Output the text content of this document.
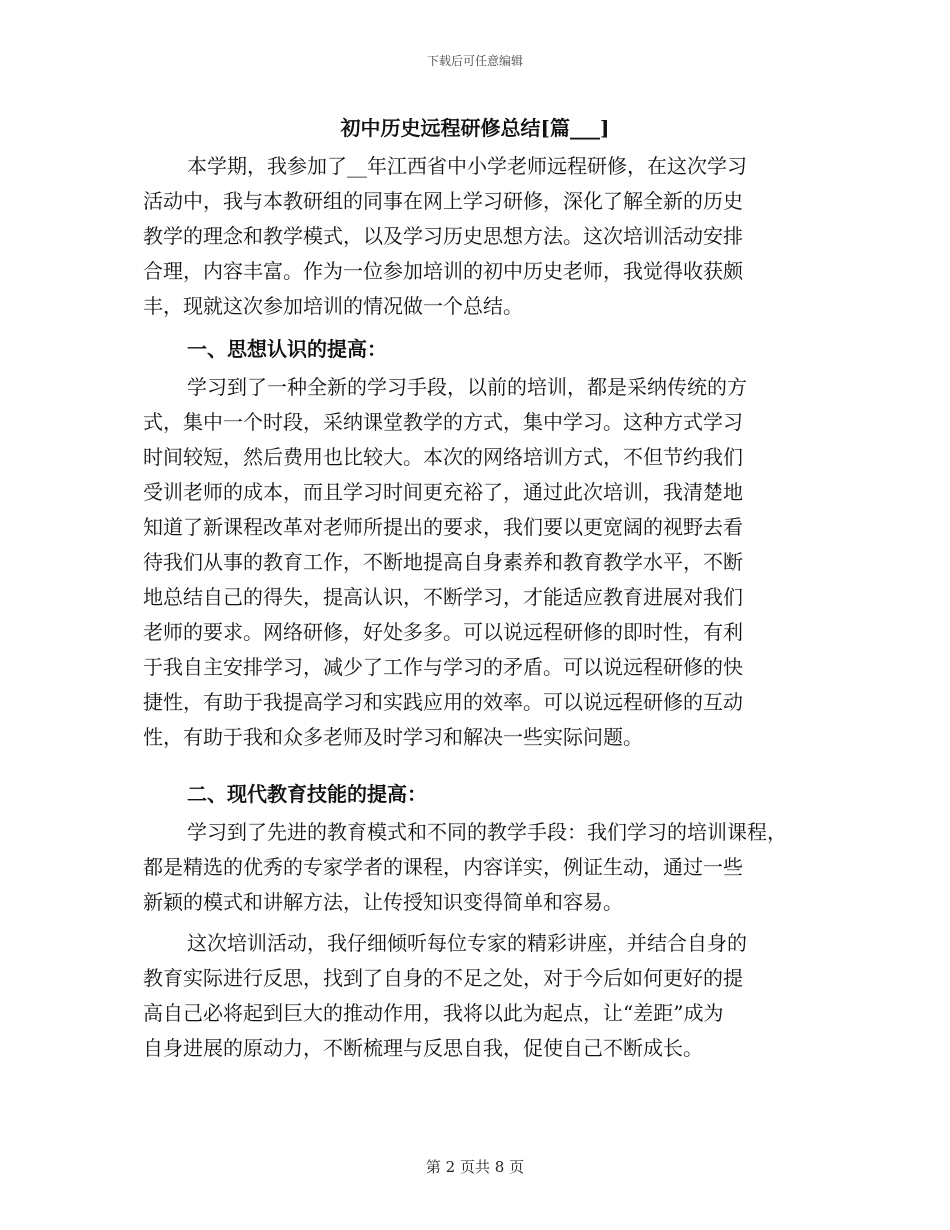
下载后可任意编辑
初中历史远程研修总结[篇___]
本学期，我参加了__年江西省中小学老师远程研修，在这次学习
活动中，我与本教研组的同事在网上学习研修，深化了解全新的历史
教学的理念和教学模式，以及学习历史思想方法。这次培训活动安排
合理，内容丰富。作为一位参加培训的初中历史老师，我觉得收获颇
丰，现就这次参加培训的情况做一个总结。
一、思想认识的提高：
学习到了一种全新的学习手段，以前的培训，都是采纳传统的方
式，集中一个时段，采纳课堂教学的方式，集中学习。这种方式学习
时间较短，然后费用也比较大。本次的网络培训方式，不但节约我们
受训老师的成本，而且学习时间更充裕了，通过此次培训，我清楚地
知道了新课程改革对老师所提出的要求，我们要以更宽阔的视野去看
待我们从事的教育工作，不断地提高自身素养和教育教学水平，不断
地总结自己的得失，提高认识，不断学习，才能适应教育进展对我们
老师的要求。网络研修，好处多多。可以说远程研修的即时性，有利
于我自主安排学习，减少了工作与学习的矛盾。可以说远程研修的快
捷性，有助于我提高学习和实践应用的效率。可以说远程研修的互动
性，有助于我和众多老师及时学习和解决一些实际问题。
二、现代教育技能的提高：
学习到了先进的教育模式和不同的教学手段：我们学习的培训课程，
都是精选的优秀的专家学者的课程，内容详实，例证生动，通过一些
新颖的模式和讲解方法，让传授知识变得简单和容易。
这次培训活动，我仔细倾听每位专家的精彩讲座，并结合自身的
教育实际进行反思，找到了自身的不足之处，对于今后如何更好的提
高自己必将起到巨大的推动作用，我将以此为起点，让“差距”成为
自身进展的原动力，不断梳理与反思自我，促使自己不断成长。
第 2 页共 8 页
